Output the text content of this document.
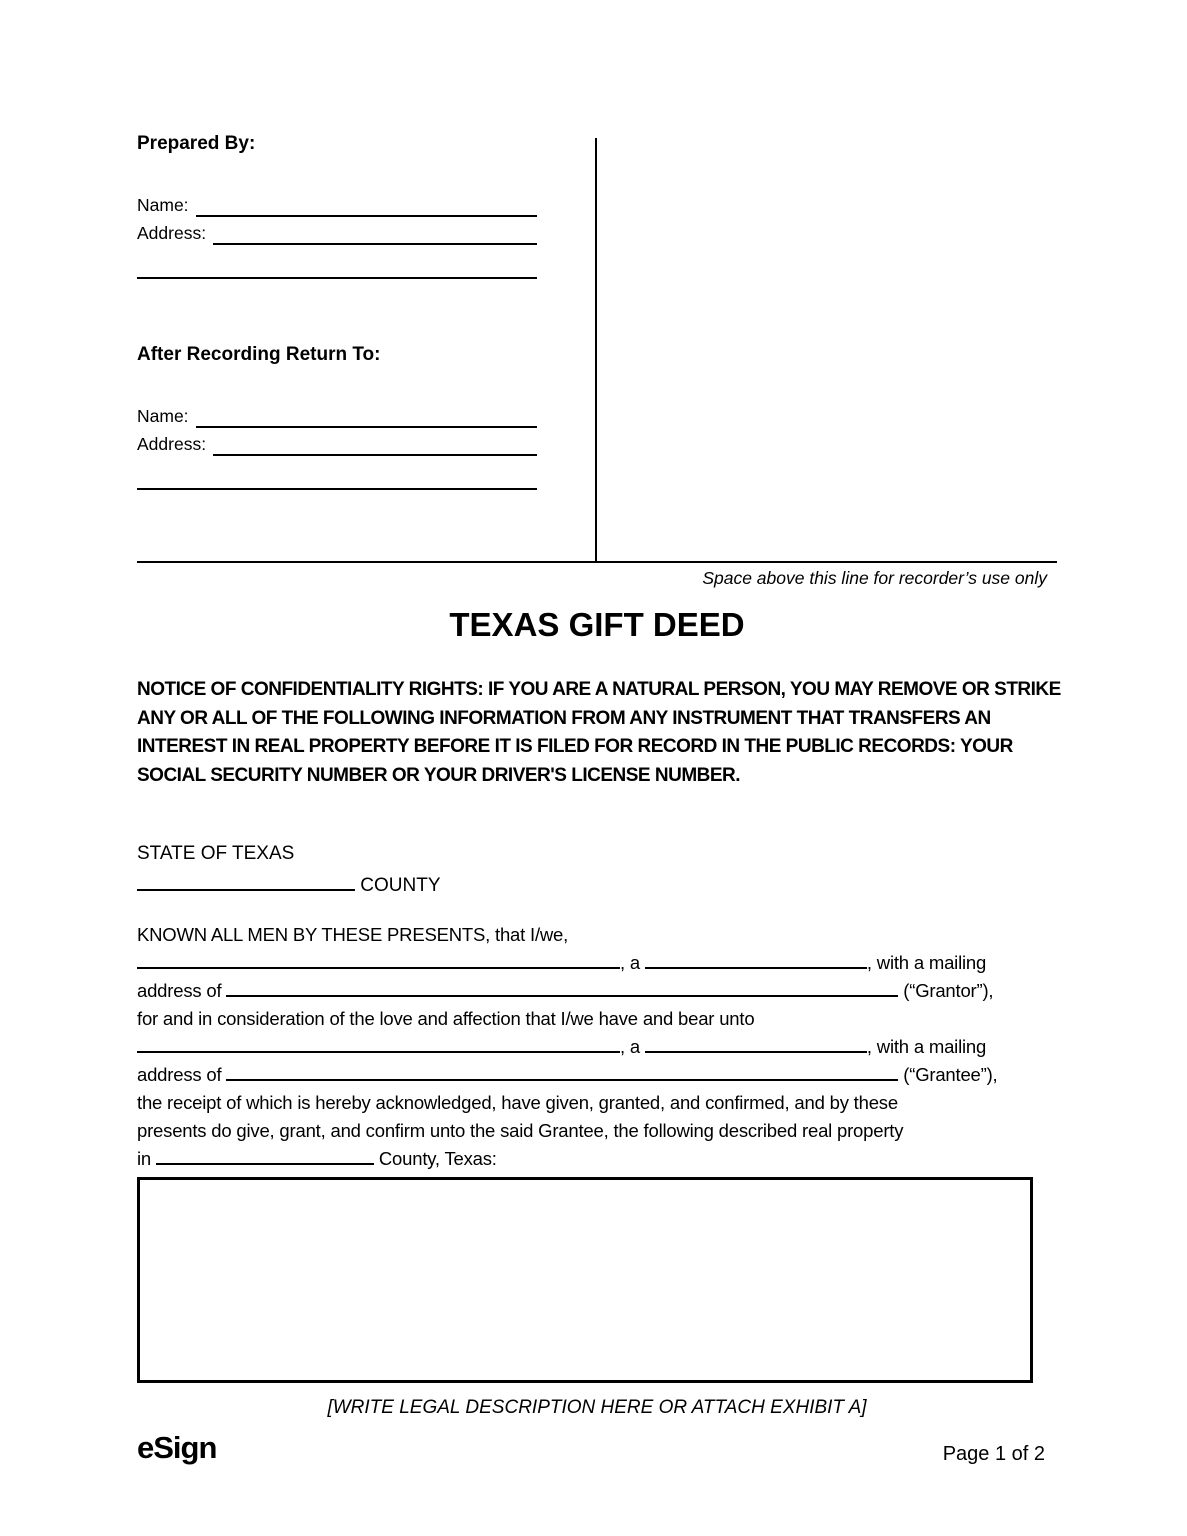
Prepared By:

Name:
Address:

After Recording Return To:

Name:
Address:
Space above this line for recorder’s use only
TEXAS GIFT DEED
NOTICE OF CONFIDENTIALITY RIGHTS: IF YOU ARE A NATURAL PERSON, YOU MAY REMOVE OR STRIKE ANY OR ALL OF THE FOLLOWING INFORMATION FROM ANY INSTRUMENT THAT TRANSFERS AN INTEREST IN REAL PROPERTY BEFORE IT IS FILED FOR RECORD IN THE PUBLIC RECORDS: YOUR SOCIAL SECURITY NUMBER OR YOUR DRIVER'S LICENSE NUMBER.
STATE OF TEXAS
COUNTY
KNOWN ALL MEN BY THESE PRESENTS, that I/we,
, a	, with a mailing
address of	(“Grantor”),
for and in consideration of the love and affection that I/we have and bear unto
, a	, with a mailing
address of	(“Grantee”),
the receipt of which is hereby acknowledged, have given, granted, and confirmed, and by these
presents do give, grant, and confirm unto the said Grantee, the following described real property
in	County, Texas:
[WRITE LEGAL DESCRIPTION HERE OR ATTACH EXHIBIT A]
eSign	Page 1 of 2
